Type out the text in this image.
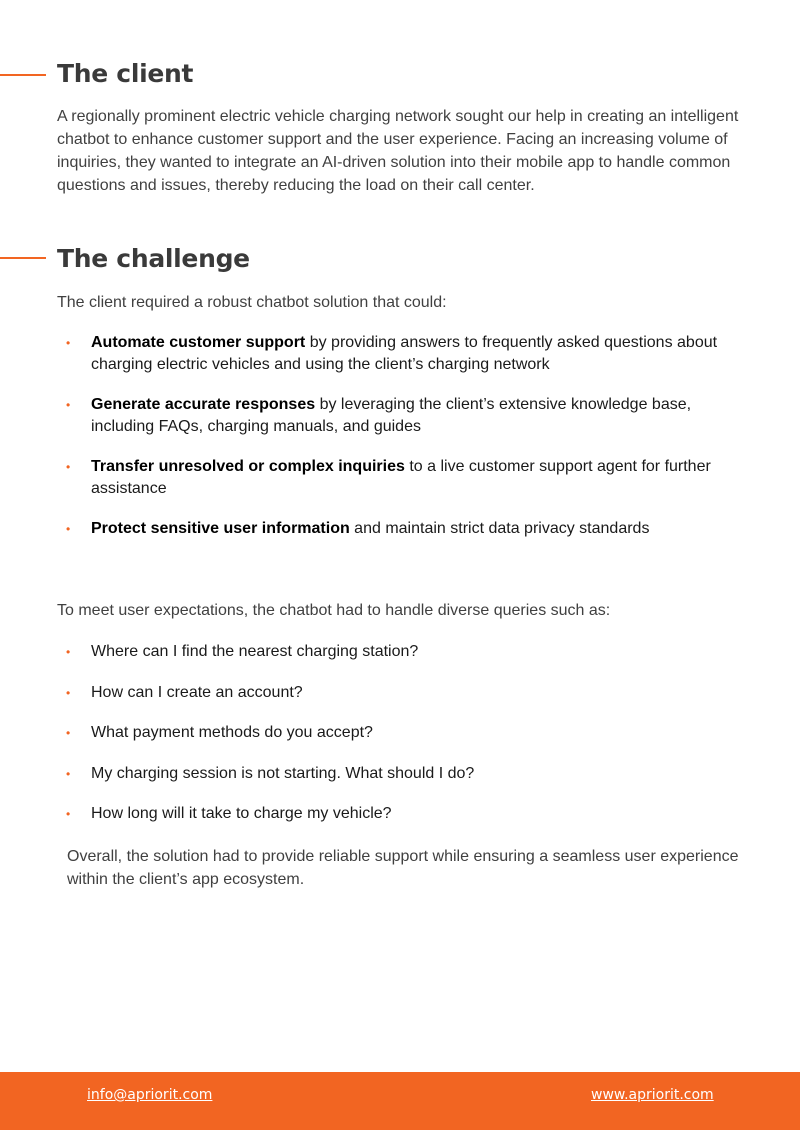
The client

A regionally prominent electric vehicle charging network sought our help in creating an intelligent chatbot to enhance customer support and the user experience. Facing an increasing volume of inquiries, they wanted to integrate an AI-driven solution into their mobile app to handle common questions and issues, thereby reducing the load on their call center.

The challenge

The client required a robust chatbot solution that could:

• Automate customer support by providing answers to frequently asked questions about charging electric vehicles and using the client’s charging network
• Generate accurate responses by leveraging the client’s extensive knowledge base, including FAQs, charging manuals, and guides
• Transfer unresolved or complex inquiries to a live customer support agent for further assistance
• Protect sensitive user information and maintain strict data privacy standards

To meet user expectations, the chatbot had to handle diverse queries such as:

• Where can I find the nearest charging station?
• How can I create an account?
• What payment methods do you accept?
• My charging session is not starting. What should I do?
• How long will it take to charge my vehicle?

Overall, the solution had to provide reliable support while ensuring a seamless user experience within the client’s app ecosystem.

info@apriorit.com	www.apriorit.com
